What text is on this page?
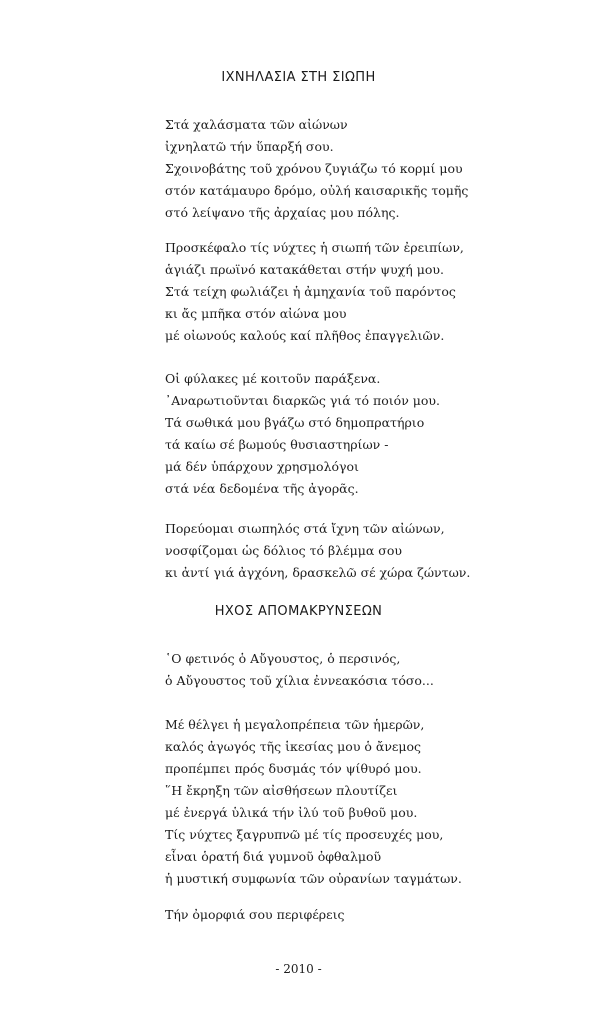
ΙΧΝΗΛΑΣΙΑ ΣΤΗ ΣΙΩΠΗ
Στά χαλάσματα τῶν αἰώνων
ἰχνηλατῶ τήν ὕπαρξή σου.
Σχοινοβάτης τοῦ χρόνου ζυγιάζω τό κορμί μου
στόν κατάμαυρο δρόμο, οὐλή καισαρικῆς τομῆς
στό λείψανο τῆς ἀρχαίας μου πόλης.
Προσκέφαλο τίς νύχτες ἡ σιωπή τῶν ἐρειπίων,
ἁγιάζι πρωϊνό κατακάθεται στήν ψυχή μου.
Στά τείχη φωλιάζει ἡ ἀμηχανία τοῦ παρόντος
κι ἄς μπῆκα στόν αἰώνα μου
μέ οἰωνούς καλούς καί πλῆθος ἐπαγγελιῶν.
Οἱ φύλακες μέ κοιτοῦν παράξενα.
᾿Αναρωτιοῦνται διαρκῶς γιά τό ποιόν μου.
Τά σωθικά μου βγάζω στό δημοπρατήριο
τά καίω σέ βωμούς θυσιαστηρίων -
μά δέν ὑπάρχουν χρησμολόγοι
στά νέα δεδομένα τῆς ἀγορᾶς.
Πορεύομαι σιωπηλός στά ἴχνη τῶν αἰώνων,
νοσφίζομαι ὡς δόλιος τό βλέμμα σου
κι ἀντί γιά ἀγχόνη, δρασκελῶ σέ χώρα ζώντων.
ΗΧΟΣ ΑΠΟΜΑΚΡΥΝΣΕΩΝ
῾Ο φετινός ὁ Αὔγουστος, ὁ περσινός,
ὁ Αὔγουστος τοῦ χίλια ἐννεακόσια τόσο...
Μέ θέλγει ἡ μεγαλοπρέπεια τῶν ἡμερῶν,
καλός ἀγωγός τῆς ἱκεσίας μου ὁ ἄνεμος
προπέμπει πρός δυσμάς τόν ψίθυρό μου.
῞Η ἔκρηξη τῶν αἰσθήσεων πλουτίζει
μέ ἐνεργά ὑλικά τήν ἰλύ τοῦ βυθοῦ μου.
Τίς νύχτες ξαγρυπνῶ μέ τίς προσευχές μου,
εἶναι ὁρατή διά γυμνοῦ ὀφθαλμοῦ
ἡ μυστική συμφωνία τῶν οὐρανίων ταγμάτων.
Τήν ὀμορφιά σου περιφέρεις
- 2010 -
